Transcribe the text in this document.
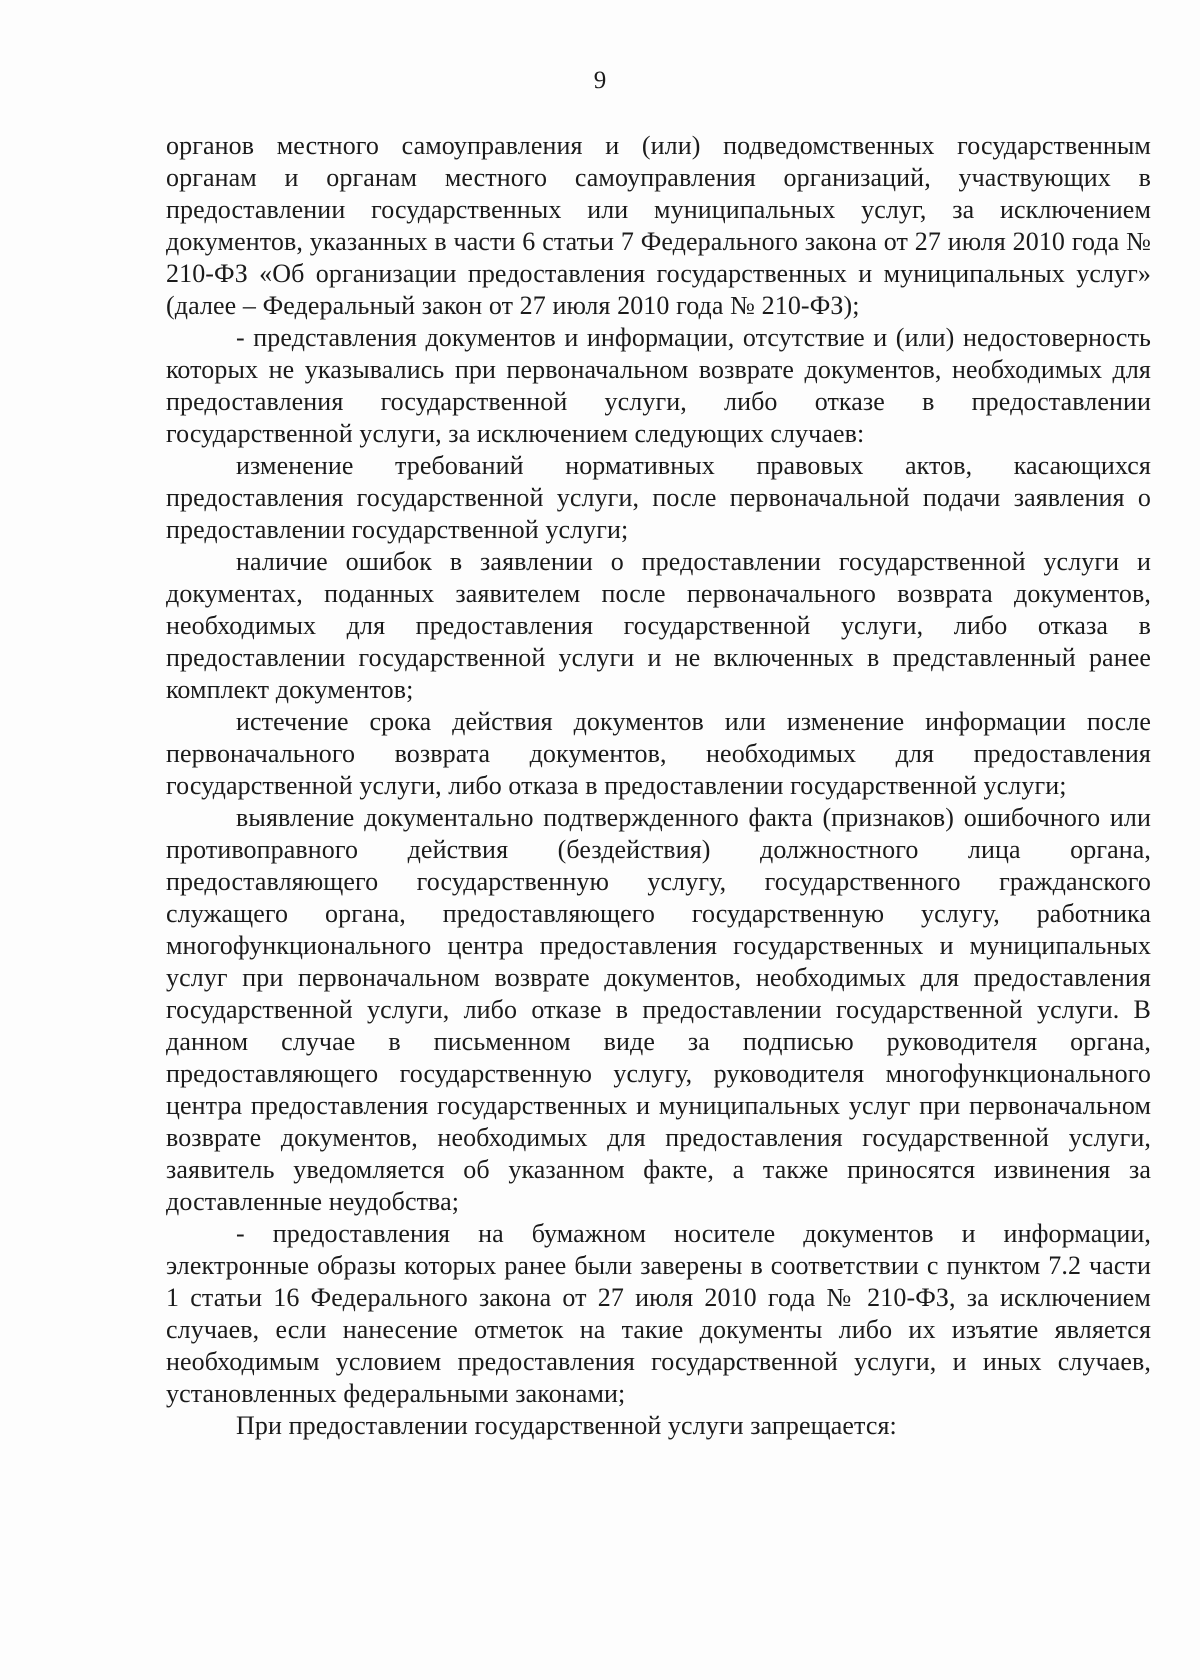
9

органов местного самоуправления и (или) подведомственных государственным органам и органам местного самоуправления организаций, участвующих в предоставлении государственных или муниципальных услуг, за исключением документов, указанных в части 6 статьи 7 Федерального закона от 27 июля 2010 года № 210-ФЗ «Об организации предоставления государственных и муниципальных услуг» (далее – Федеральный закон от 27 июля 2010 года № 210-ФЗ);

- представления документов и информации, отсутствие и (или) недостоверность которых не указывались при первоначальном возврате документов, необходимых для предоставления государственной услуги, либо отказе в предоставлении государственной услуги, за исключением следующих случаев:

изменение требований нормативных правовых актов, касающихся предоставления государственной услуги, после первоначальной подачи заявления о предоставлении государственной услуги;

наличие ошибок в заявлении о предоставлении государственной услуги и документах, поданных заявителем после первоначального возврата документов, необходимых для предоставления государственной услуги, либо отказа в предоставлении государственной услуги и не включенных в представленный ранее комплект документов;

истечение срока действия документов или изменение информации после первоначального возврата документов, необходимых для предоставления государственной услуги, либо отказа в предоставлении государственной услуги;

выявление документально подтвержденного факта (признаков) ошибочного или противоправного действия (бездействия) должностного лица органа, предоставляющего государственную услугу, государственного гражданского служащего органа, предоставляющего государственную услугу, работника многофункционального центра предоставления государственных и муниципальных услуг при первоначальном возврате документов, необходимых для предоставления государственной услуги, либо отказе в предоставлении государственной услуги. В данном случае в письменном виде за подписью руководителя органа, предоставляющего государственную услугу, руководителя многофункционального центра предоставления государственных и муниципальных услуг при первоначальном возврате документов, необходимых для предоставления государственной услуги, заявитель уведомляется об указанном факте, а также приносятся извинения за доставленные неудобства;

- предоставления на бумажном носителе документов и информации, электронные образы которых ранее были заверены в соответствии с пунктом 7.2 части 1 статьи 16 Федерального закона от 27 июля 2010 года № 210-ФЗ, за исключением случаев, если нанесение отметок на такие документы либо их изъятие является необходимым условием предоставления государственной услуги, и иных случаев, установленных федеральными законами;

При предоставлении государственной услуги запрещается:
